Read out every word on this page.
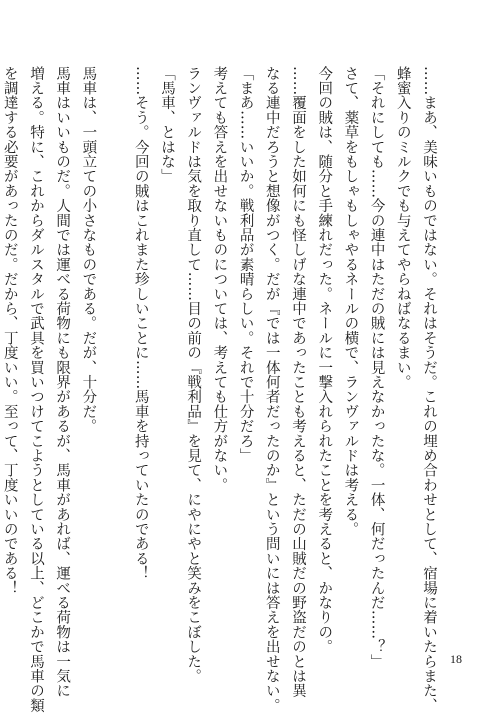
……まあ、美味いものではない。それはそうだ。これの埋め合わせとして、宿場に着いたらまた、
蜂蜜入りのミルクでも与えてやらねばなるまい。
「それにしても……今の連中はただの賊には見えなかったな。一体、何だったんだ……？」
さて、薬草をもしゃもしゃやるネールの横で、ランヴァルドは考える。
今回の賊は、随分と手練れだった。ネールに一撃入れられたことを考えると、かなりの。
……覆面をした如何にも怪しげな連中であったことも考えると、ただの山賊だの野盗だのとは異
なる連中だろうと想像がつく。だが『では一体何者だったのか』という問いには答えを出せない。
「まあ……いいか。戦利品が素晴らしい。それで十分だろ」
考えても答えを出せないものについては、考えても仕方がない。
ランヴァルドは気を取り直して……目の前の『戦利品』を見て、にやにやと笑みをこぼした。
「馬車、とはな」
……そう。今回の賊はこれまた珍しいことに……馬車を持っていたのである！
馬車は、一頭立ての小さなものである。だが、十分だ。
馬車はいいものだ。人間では運べる荷物にも限界があるが、馬車があれば、運べる荷物は一気に
増える。特に、これからダルスタルで武具を買いつけてこようとしている以上、どこかで馬車の類
を調達する必要があったのだ。だから、丁度いい。至って、丁度いいのである！
18
